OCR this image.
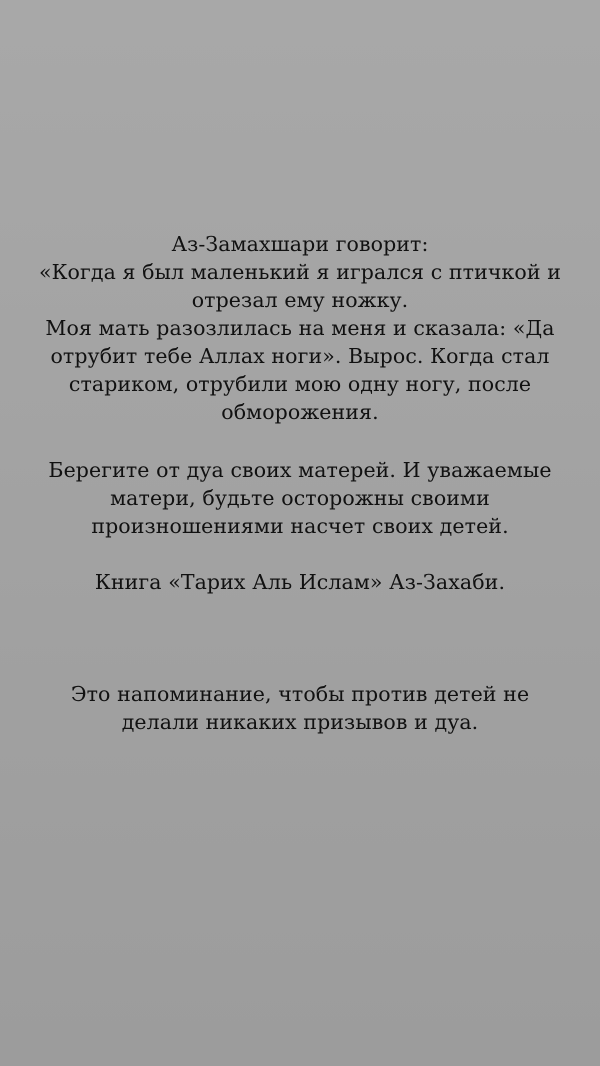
Аз-Замахшари говорит:

«Когда я был маленький я игрался с птичкой и отрезал ему ножку.

Моя мать разозлилась на меня и сказала: «Да отрубит тебе Аллах ноги». Вырос. Когда стал стариком, отрубили мою одну ногу, после обморожения.

Берегите от дуа своих матерей. И уважаемые матери, будьте осторожны своими произношениями насчет своих детей.

Книга «Тарих Аль Ислам» Аз-Захаби.

Это напоминание, чтобы против детей не делали никаких призывов и дуа.
